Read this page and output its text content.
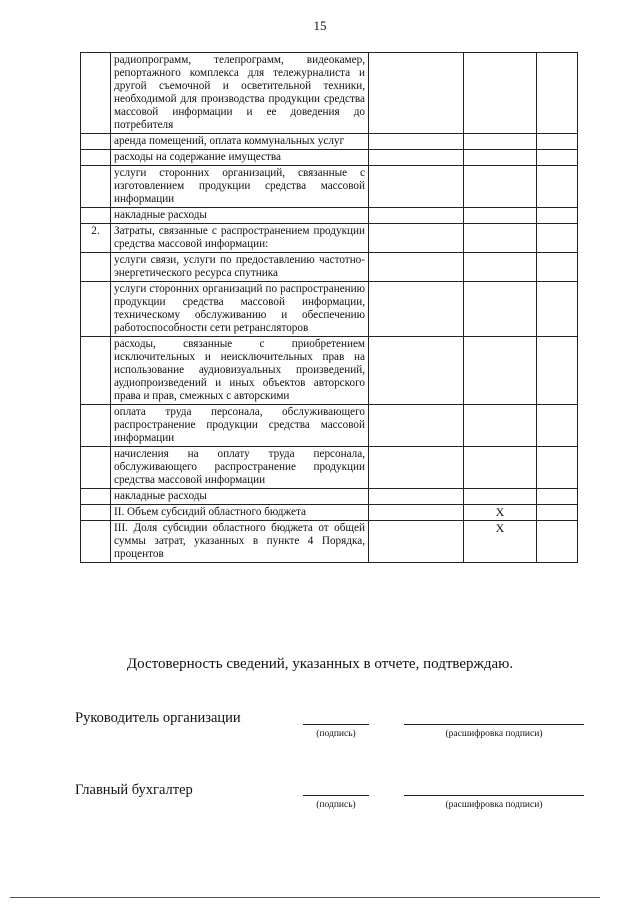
15
	радиопрограмм, телепрограмм, видеокамер, репортажного комплекса для тележурналиста и другой съемочной и осветительной техники, необходимой для производства продукции средства массовой информации и ее доведения до потребителя			
	аренда помещений, оплата коммунальных услуг			
	расходы на содержание имущества			
	услуги сторонних организаций, связанные с изготовлением продукции средства массовой информации			
	накладные расходы			
2.	Затраты, связанные с распространением продукции средства массовой информации:			
	услуги связи, услуги по предоставлению частотно-энергетического ресурса спутника			
	услуги сторонних организаций по распространению продукции средства массовой информации, техническому обслуживанию и обеспечению работоспособности сети ретрансляторов			
	расходы, связанные с приобретением исключительных и неисключительных прав на использование аудиовизуальных произведений, аудиопроизведений и иных объектов авторского права и прав, смежных с авторскими			
	оплата труда персонала, обслуживающего распространение продукции средства массовой информации			
	начисления на оплату труда персонала, обслуживающего распространение продукции средства массовой информации			
	накладные расходы			
	II. Объем субсидий областного бюджета		X	
	III. Доля субсидии областного бюджета от общей суммы затрат, указанных в пункте 4 Порядка, процентов		X	
Достоверность сведений, указанных в отчете, подтверждаю.
Руководитель организации
(подпись)	(расшифровка подписи)
Главный бухгалтер
(подпись)	(расшифровка подписи)
